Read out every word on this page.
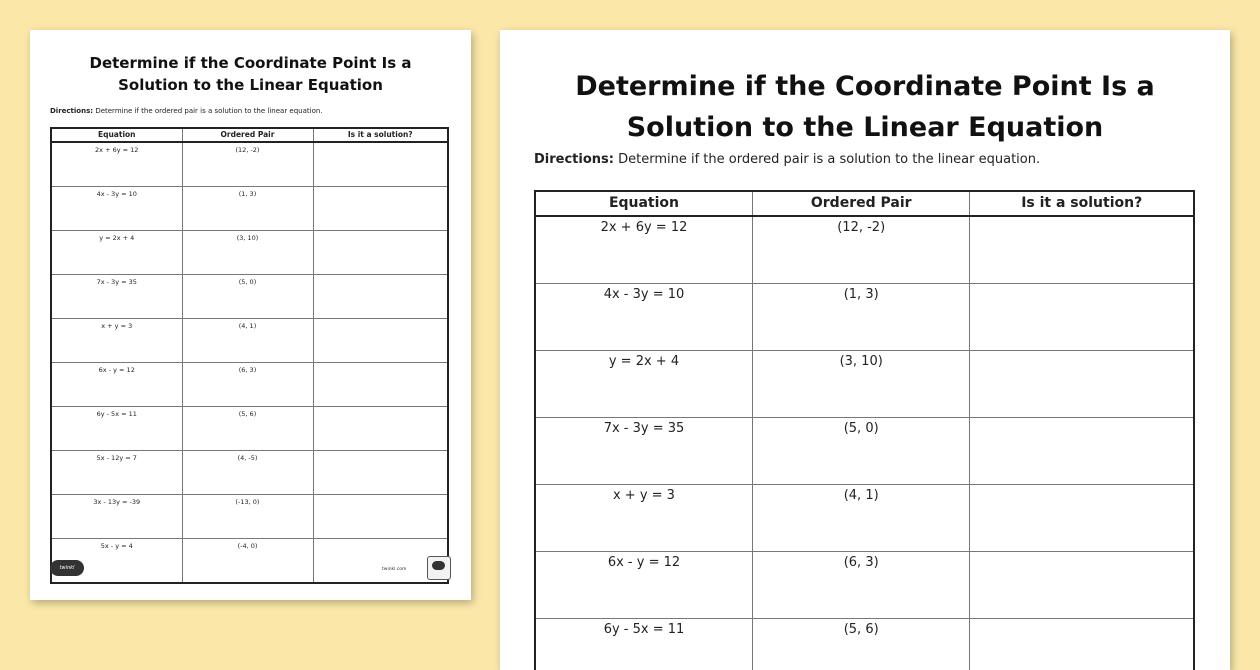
Determine if the Coordinate Point Is a
Solution to the Linear Equation
Directions: Determine if the ordered pair is a solution to the linear equation.
Equation	Ordered Pair	Is it a solution?
2x + 6y = 12	(12, -2)	
4x - 3y = 10	(1, 3)	
y = 2x + 4	(3, 10)	
7x - 3y = 35	(5, 0)	
x + y = 3	(4, 1)	
6x - y = 12	(6, 3)	
6y - 5x = 11	(5, 6)	
5x - 12y = 7	(4, -5)	
3x - 13y = -39	(-13, 0)	
5x - y = 4	(-4, 0)	
twinkl	twinkl.com
Determine if the Coordinate Point Is a
Solution to the Linear Equation
Directions: Determine if the ordered pair is a solution to the linear equation.
Equation	Ordered Pair	Is it a solution?
2x + 6y = 12	(12, -2)	
4x - 3y = 10	(1, 3)	
y = 2x + 4	(3, 10)	
7x - 3y = 35	(5, 0)	
x + y = 3	(4, 1)	
6x - y = 12	(6, 3)	
6y - 5x = 11	(5, 6)	
